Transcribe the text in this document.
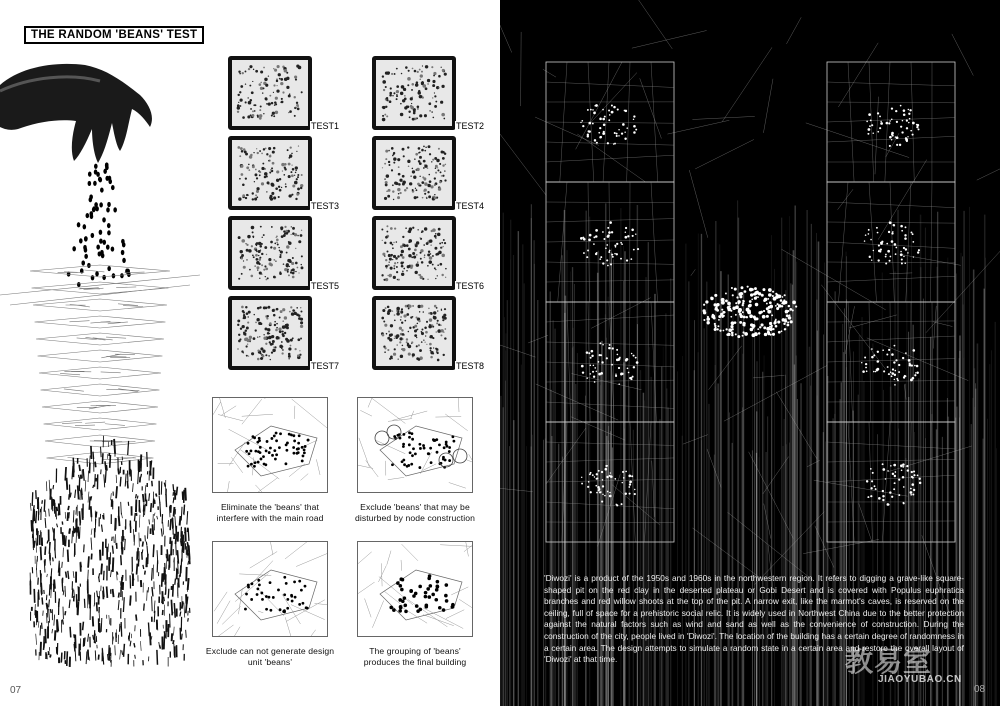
THE RANDOM 'BEANS' TEST
TEST1	TEST2
TEST3	TEST4
TEST5	TEST6
TEST7	TEST8
Eliminate the 'beans' that interfere with the main road
Exclude 'beans' that may be disturbed by node construction
Exclude can not generate design unit 'beans'
The grouping of 'beans' produces the final building
07
'Diwozi' is a product of the 1950s and 1960s in the northwestern region. It refers to digging a grave-like square-shaped pit on the red clay in the deserted plateau or Gobi Desert and is covered with Populus euphratica branches and red willow shoots at the top of the pit. A narrow exit, like the marmot's caves, is reserved on the ceiling, full of space for a prehistoric social relic. It is widely used in Northwest China due to the better protection against the natural factors such as wind and sand as well as the convenience of construction. During the construction of the city, people lived in 'Diwozi'. The location of the building has a certain degree of randomness in a certain area. The design attempts to simulate a random state in a certain area and restore the overall layout of 'Diwozi' at that time.	教易室
JIAOYUBAO.CN
08
